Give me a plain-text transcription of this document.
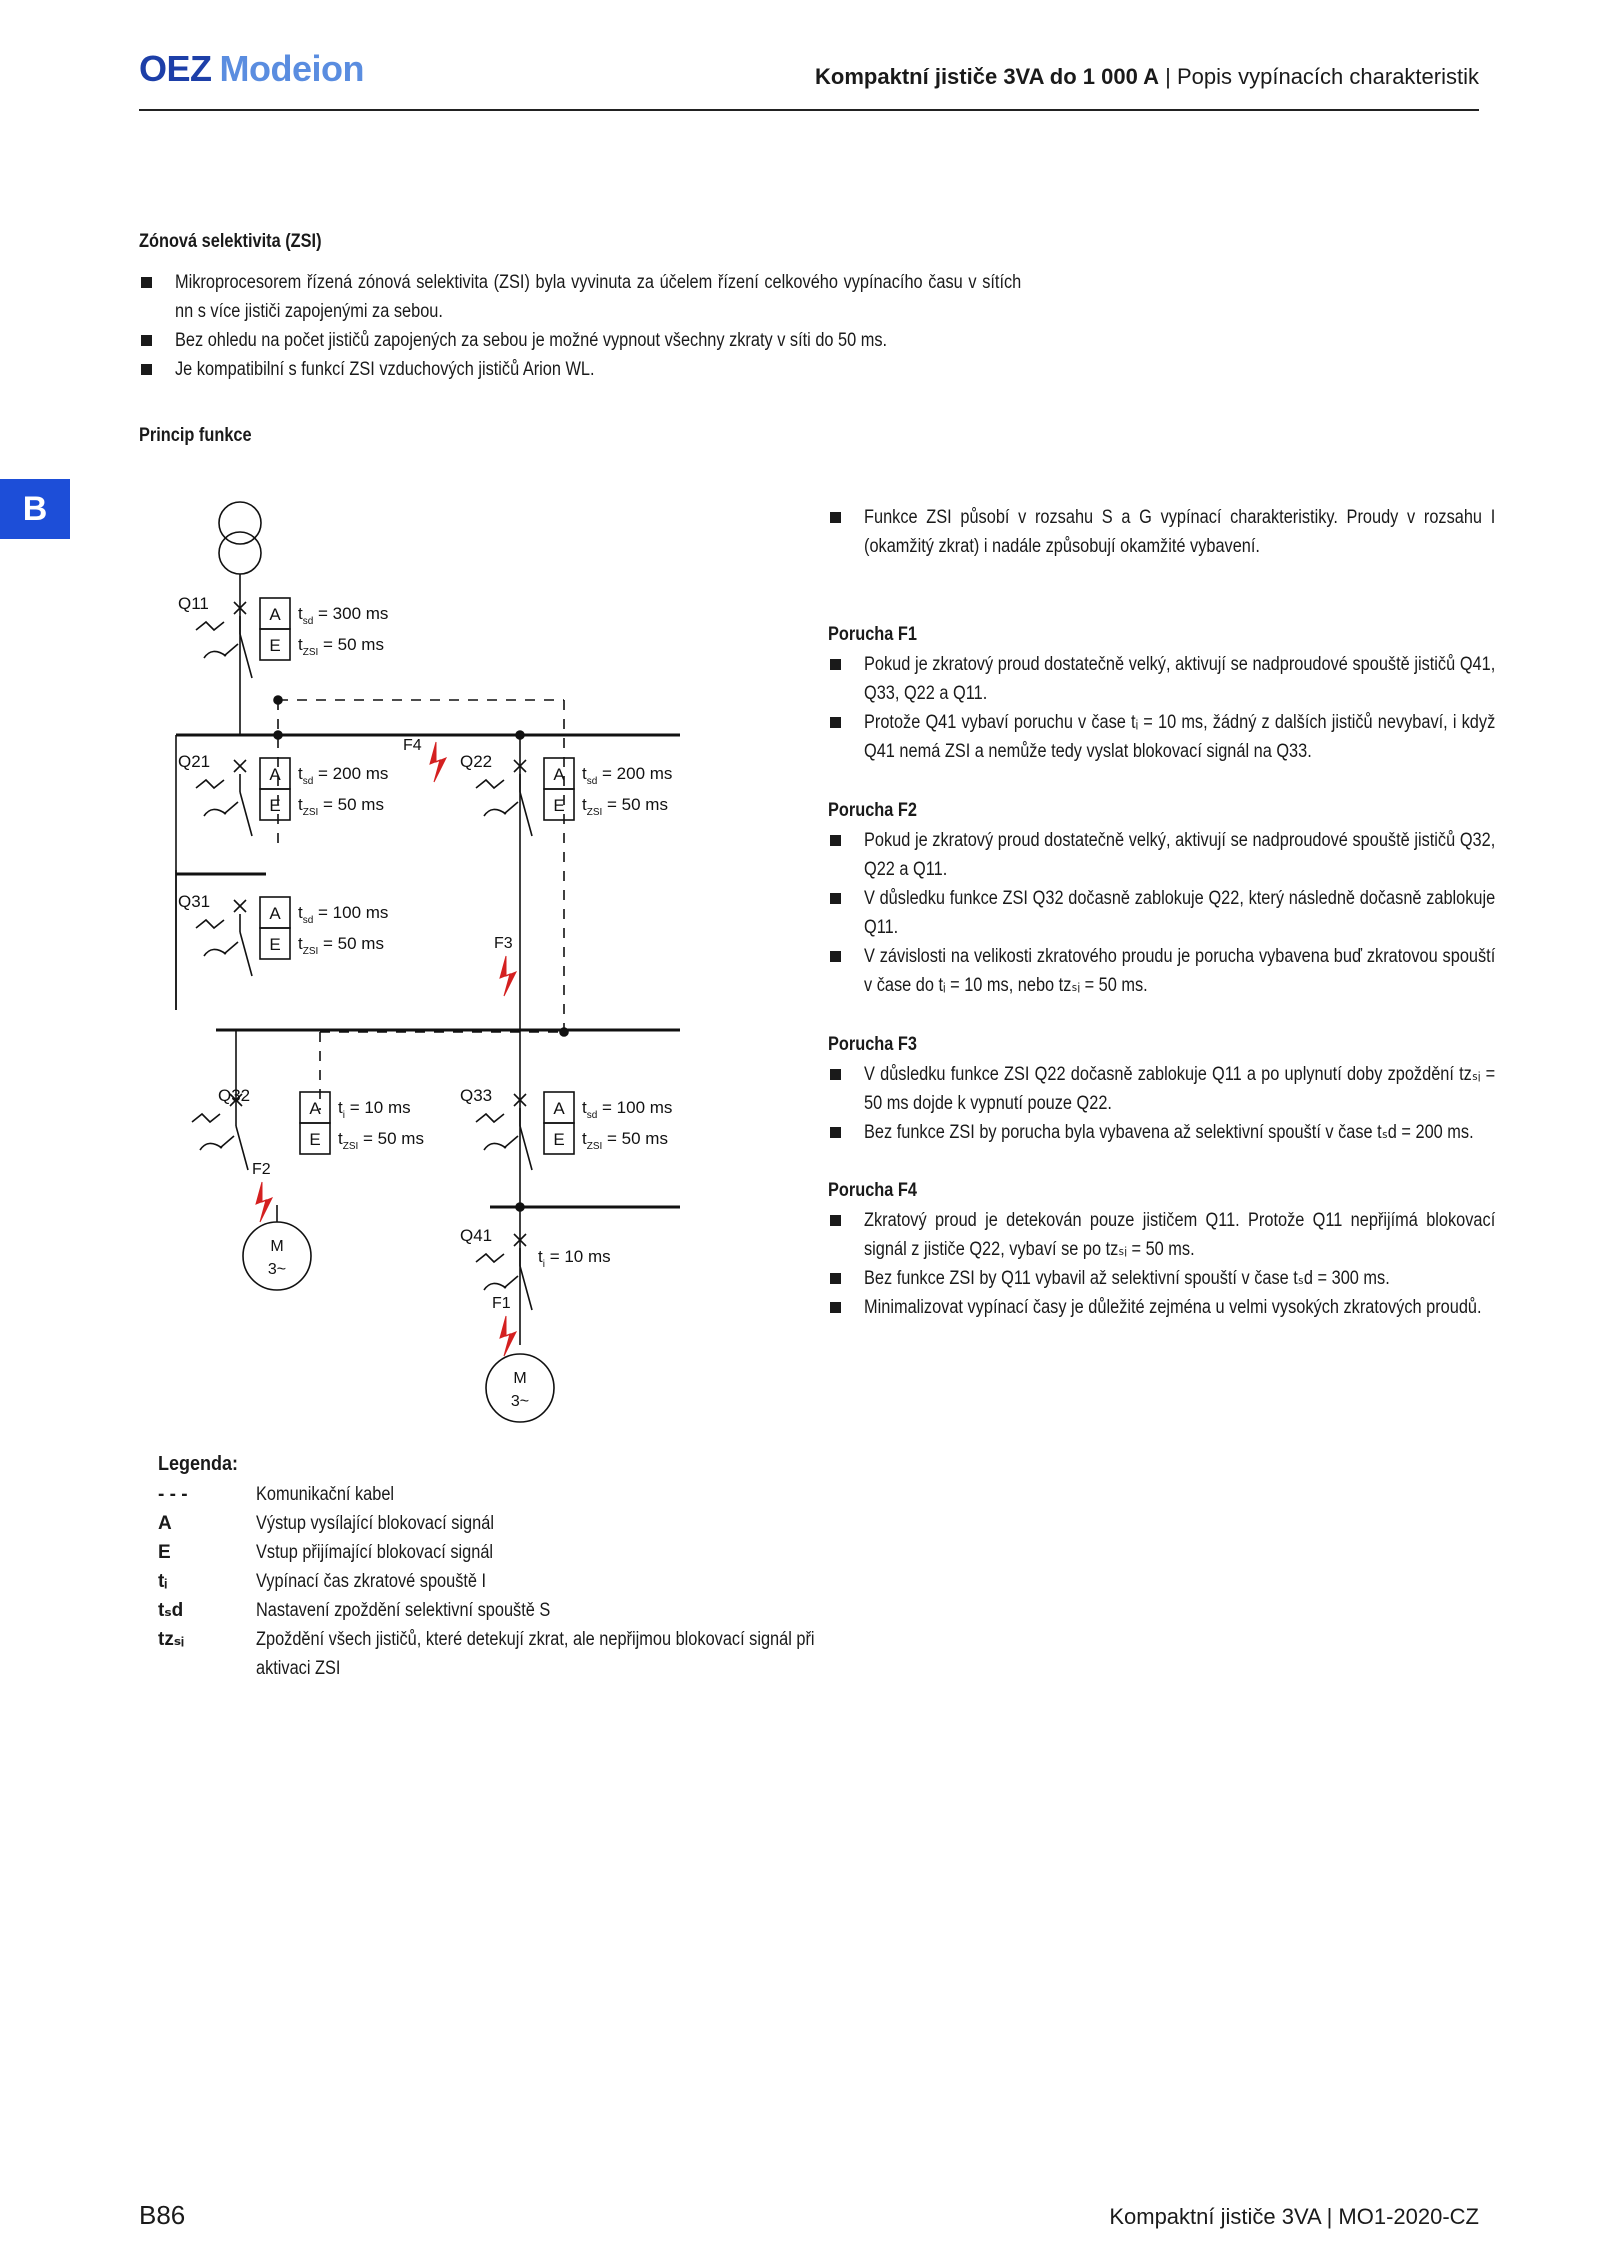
OEZ Modeion	Kompaktní jističe 3VA do 1 000 A | Popis vypínacích charakteristik
B
Zónová selektivita (ZSI)
Mikroprocesorem řízená zónová selektivita (ZSI) byla vyvinuta za účelem řízení celkového vypínacího času v sítích nn s více jističi zapojenými za sebou.
Bez ohledu na počet jističů zapojených za sebou je možné vypnout všechny zkraty v síti do 50 ms.
Je kompatibilní s funkcí ZSI vzduchových jističů Arion WL.
Princip funkce
Funkce ZSI působí v rozsahu S a G vypínací charakteristiky. Proudy v rozsahu I (okamžitý zkrat) i nadále způsobují okamžité vybavení.
Porucha F1
Pokud je zkratový proud dostatečně velký, aktivují se nadproudové spouště jističů Q41, Q33, Q22 a Q11.
Protože Q41 vybaví poruchu v čase tᵢ = 10 ms, žádný z dalších jističů nevybaví, i když Q41 nemá ZSI a nemůže tedy vyslat blokovací signál na Q33.
Porucha F2
Pokud je zkratový proud dostatečně velký, aktivují se nadproudové spouště jističů Q32, Q22 a Q11.
V důsledku funkce ZSI Q32 dočasně zablokuje Q22, který následně dočasně zablokuje Q11.
V závislosti na velikosti zkratového proudu je porucha vybavena buď zkratovou spouští v čase do tᵢ = 10 ms, nebo tᴢₛᵢ = 50 ms.
Porucha F3
V důsledku funkce ZSI Q22 dočasně zablokuje Q11 a po uplynutí doby zpoždění tᴢₛᵢ = 50 ms dojde k vypnutí pouze Q22.
Bez funkce ZSI by porucha byla vybavena až selektivní spouští v čase tₛd = 200 ms.
Porucha F4
Zkratový proud je detekován pouze jističem Q11. Protože Q11 nepřijímá blokovací signál z jističe Q22, vybaví se po tᴢₛᵢ = 50 ms.
Bez funkce ZSI by Q11 vybavil až selektivní spouští v čase tₛd = 300 ms.
Minimalizovat vypínací časy je důležité zejména u velmi vysokých zkratových proudů.
Q11
A
E
$t_{sd} = 300$ ms
$t_{ZSI} = 50$ ms
Q21
A
E
$t_{sd} = 200$ ms
$t_{ZSI} = 50$ ms
Q22
A
E
$t_{sd} = 200$ ms
$t_{ZSI} = 50$ ms
Q31
A
E
$t_{sd} = 100$ ms
$t_{ZSI} = 50$ ms
Q32
A
E
$t_i = 10$ ms
$t_{ZSI} = 50$ ms
Q33
A
E
$t_{sd} = 100$ ms
$t_{ZSI} = 50$ ms
Q41
$t_i = 10$ ms
F1
F2
F3
F4
M
3~
M
3~
Legenda:
- - -	Komunikační kabel
A	Výstup vysílající blokovací signál
E	Vstup přijímající blokovací signál
tᵢ	Vypínací čas zkratové spouště I
tₛd	Nastavení zpoždění selektivní spouště S
tᴢₛᵢ	Zpoždění všech jističů, které detekují zkrat, ale nepřijmou blokovací signál při aktivaci ZSI
B86	Kompaktní jističe 3VA | MO1-2020-CZ
